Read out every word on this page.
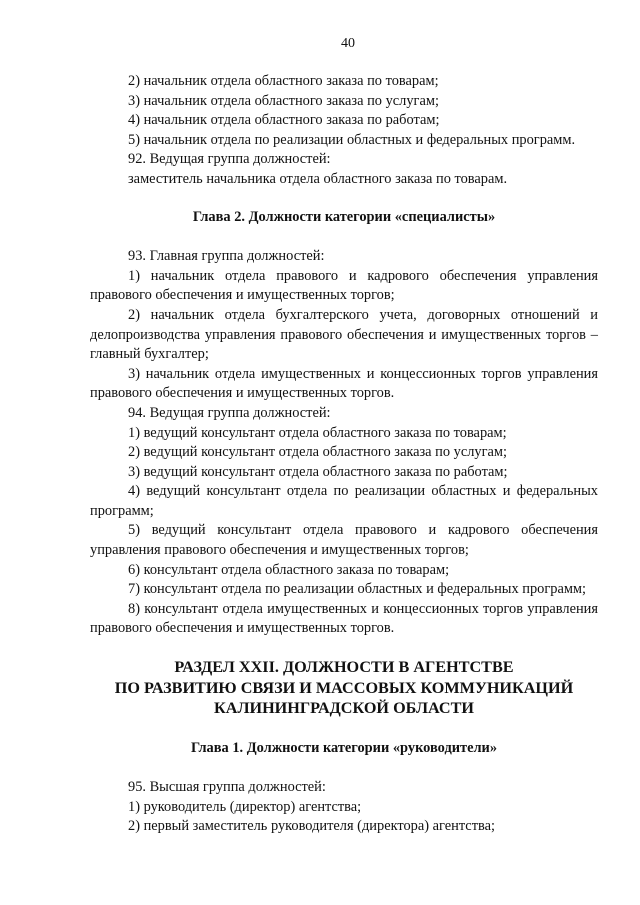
40

2) начальник отдела областного заказа по товарам;

3) начальник отдела областного заказа по услугам;

4) начальник отдела областного заказа по работам;

5) начальник отдела по реализации областных и федеральных программ.

92. Ведущая группа должностей:

заместитель начальника отдела областного заказа по товарам.

Глава 2. Должности категории «специалисты»

93. Главная группа должностей:

1) начальник отдела правового и кадрового обеспечения управления правового обеспечения и имущественных торгов;

2) начальник отдела бухгалтерского учета, договорных отношений и делопроизводства управления правового обеспечения и имущественных торгов – главный бухгалтер;

3) начальник отдела имущественных и концессионных торгов управления правового обеспечения и имущественных торгов.

94. Ведущая группа должностей:

1) ведущий консультант отдела областного заказа по товарам;

2) ведущий консультант отдела областного заказа по услугам;

3) ведущий консультант отдела областного заказа по работам;

4) ведущий консультант отдела по реализации областных и федеральных программ;

5) ведущий консультант отдела правового и кадрового обеспечения управления правового обеспечения и имущественных торгов;

6) консультант отдела областного заказа по товарам;

7) консультант отдела по реализации областных и федеральных программ;

8) консультант отдела имущественных и концессионных торгов управления правового обеспечения и имущественных торгов.

РАЗДЕЛ XXII. ДОЛЖНОСТИ В АГЕНТСТВЕ
ПО РАЗВИТИЮ СВЯЗИ И МАССОВЫХ КОММУНИКАЦИЙ
КАЛИНИНГРАДСКОЙ ОБЛАСТИ

Глава 1. Должности категории «руководители»

95. Высшая группа должностей:

1) руководитель (директор) агентства;

2) первый заместитель руководителя (директора) агентства;
